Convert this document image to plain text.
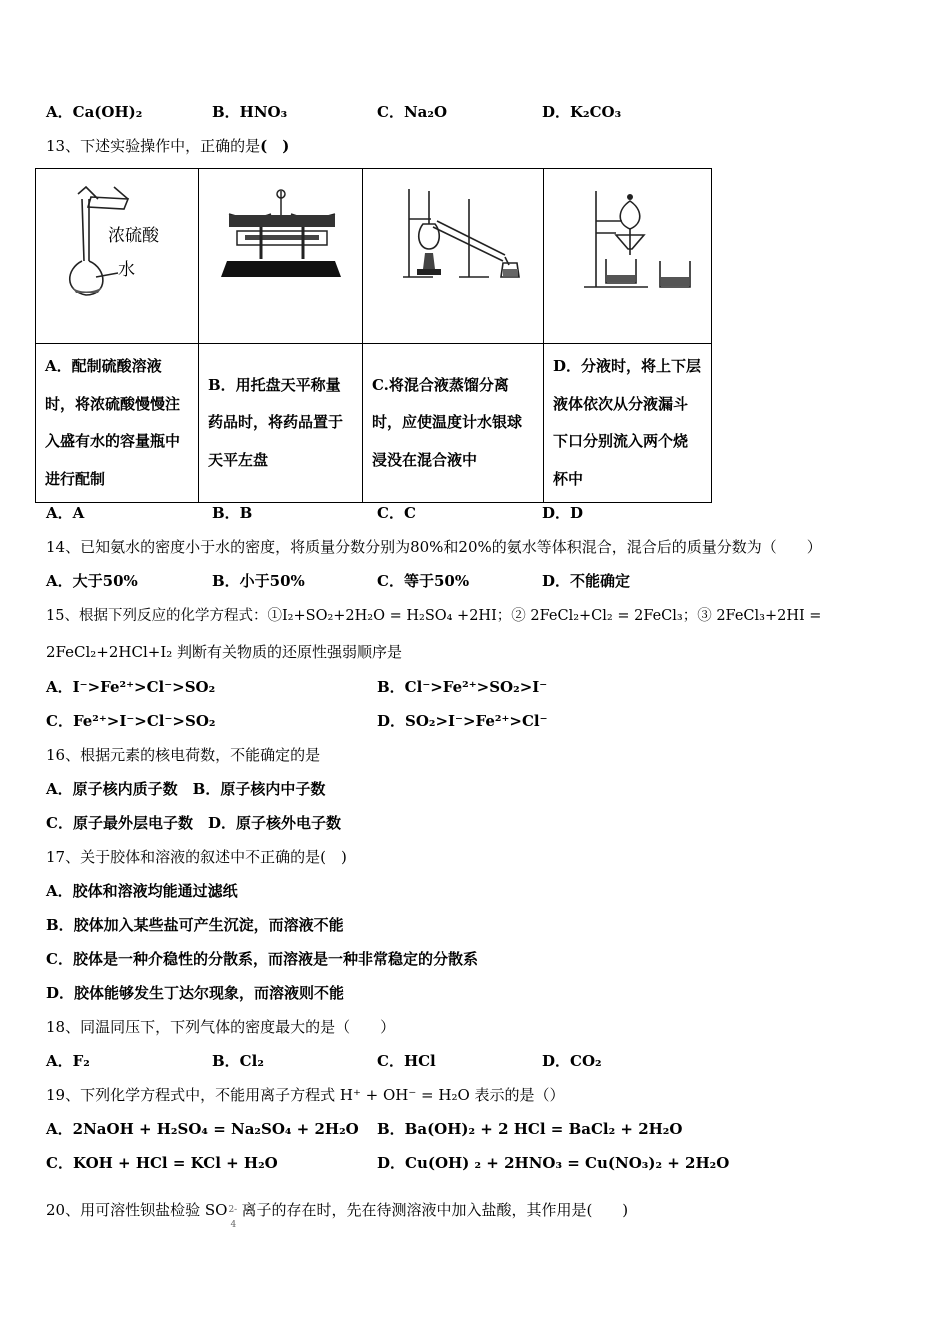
A．Ca(OH)₂	B．HNO₃	C．Na₂O	D．K₂CO₃
13、下述实验操作中，正确的是(　)
浓硫酸
水

A．配制硫酸溶液时，将浓硫酸慢慢注入盛有水的容量瓶中进行配制	B．用托盘天平称量药品时，将药品置于天平左盘	C.将混合液蒸馏分离时，应使温度计水银球浸没在混合液中	D．分液时，将上下层液体依次从分液漏斗下口分别流入两个烧杯中
A．A	B．B	C．C	D．D
14、已知氨水的密度小于水的密度，将质量分数分别为80%和20%的氨水等体积混合，混合后的质量分数为（　　）
A．大于50%	B．小于50%	C．等于50%	D．不能确定
15、根据下列反应的化学方程式：①I₂+SO₂+2H₂O = H₂SO₄ +2HI；② 2FeCl₂+Cl₂ = 2FeCl₃；③ 2FeCl₃+2HI =
2FeCl₂+2HCl+I₂ 判断有关物质的还原性强弱顺序是
A．I⁻>Fe²⁺>Cl⁻>SO₂	B．Cl⁻>Fe²⁺>SO₂>I⁻
C．Fe²⁺>I⁻>Cl⁻>SO₂	D．SO₂>I⁻>Fe²⁺>Cl⁻
16、根据元素的核电荷数，不能确定的是
A．原子核内质子数　B．原子核内中子数
C．原子最外层电子数　D．原子核外电子数
17、关于胶体和溶液的叙述中不正确的是(　)
A．胶体和溶液均能通过滤纸
B．胶体加入某些盐可产生沉淀，而溶液不能
C．胶体是一种介稳性的分散系，而溶液是一种非常稳定的分散系
D．胶体能够发生丁达尔现象，而溶液则不能
18、同温同压下，下列气体的密度最大的是（　　）
A．F₂	B．Cl₂	C．HCl	D．CO₂
19、下列化学方程式中，不能用离子方程式 H⁺ + OH⁻ = H₂O 表示的是（）
A．2NaOH + H₂SO₄ = Na₂SO₄ + 2H₂O B．Ba(OH)₂ + 2 HCl = BaCl₂ + 2H₂O
C．KOH + HCl = KCl + H₂O	D．Cu(OH) ₂ + 2HNO₃ = Cu(NO₃)₂ + 2H₂O
20、用可溶性钡盐检验 SO 2-
4
离子的存在时，先在待测溶液中加入盐酸，其作用是(　　)
